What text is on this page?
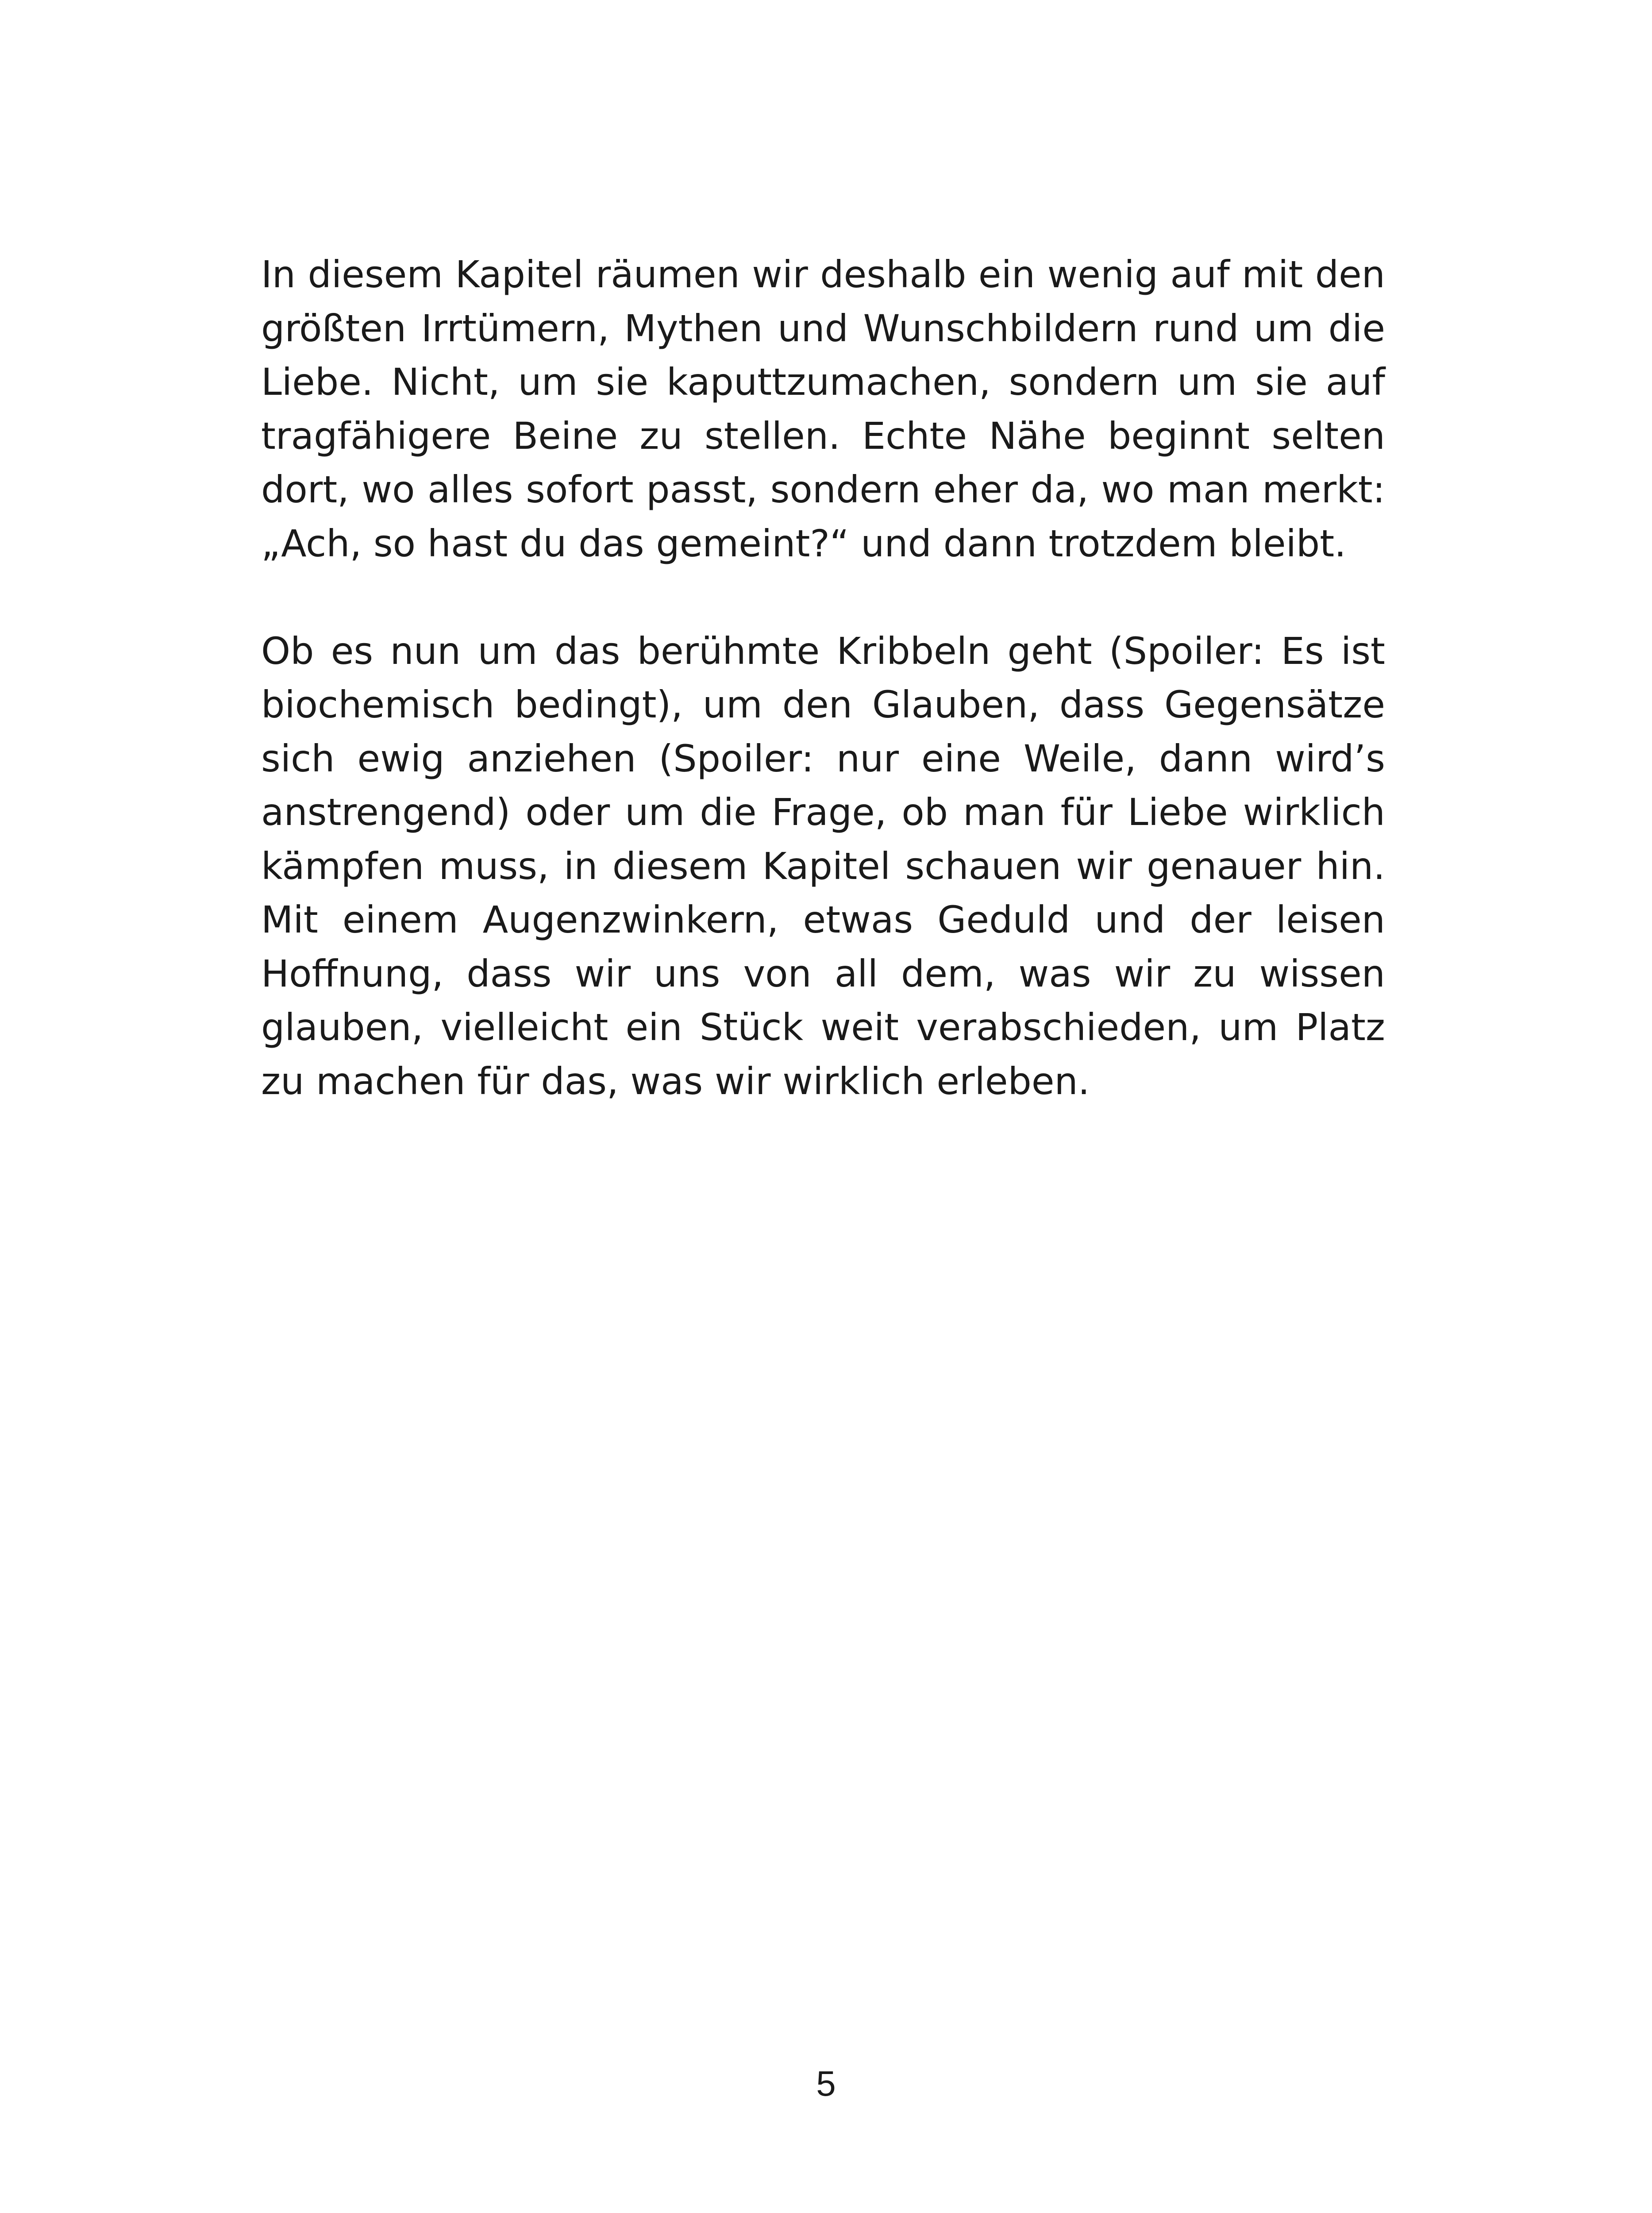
In diesem Kapitel räumen wir deshalb ein wenig auf mit den größten Irrtümern, Mythen und Wunschbildern rund um die Liebe. Nicht, um sie kaputtzumachen, sondern um sie auf tragfähigere Beine zu stellen. Echte Nähe beginnt selten dort, wo alles sofort passt, sondern eher da, wo man merkt: „Ach, so hast du das gemeint?“ und dann trotzdem bleibt.

Ob es nun um das berühmte Kribbeln geht (Spoiler: Es ist biochemisch bedingt), um den Glauben, dass Gegensätze sich ewig anziehen (Spoiler: nur eine Weile, dann wird’s anstrengend) oder um die Frage, ob man für Liebe wirklich kämpfen muss, in diesem Kapitel schauen wir genauer hin. Mit einem Augenzwinkern, etwas Geduld und der leisen Hoffnung, dass wir uns von all dem, was wir zu wissen glauben, vielleicht ein Stück weit verabschieden, um Platz zu machen für das, was wir wirklich erleben.

5
